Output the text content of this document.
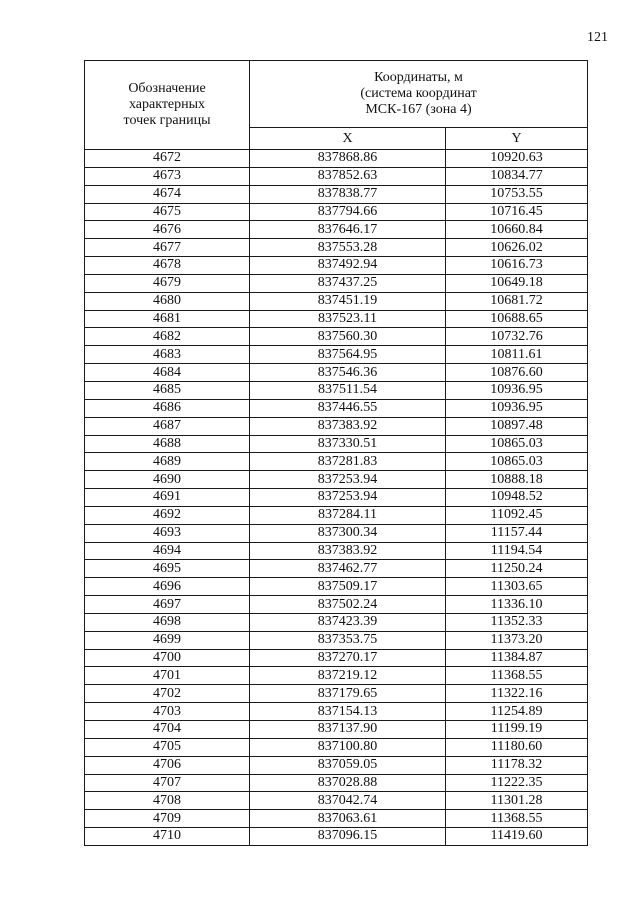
121
Обозначение
характерных
точек границы	Координаты, м
(система координат
МСК-167 (зона 4)	

	X	Y
4672	837868.86	10920.63
4673	837852.63	10834.77
4674	837838.77	10753.55
4675	837794.66	10716.45
4676	837646.17	10660.84
4677	837553.28	10626.02
4678	837492.94	10616.73
4679	837437.25	10649.18
4680	837451.19	10681.72
4681	837523.11	10688.65
4682	837560.30	10732.76
4683	837564.95	10811.61
4684	837546.36	10876.60
4685	837511.54	10936.95
4686	837446.55	10936.95
4687	837383.92	10897.48
4688	837330.51	10865.03
4689	837281.83	10865.03
4690	837253.94	10888.18
4691	837253.94	10948.52
4692	837284.11	11092.45
4693	837300.34	11157.44
4694	837383.92	11194.54
4695	837462.77	11250.24
4696	837509.17	11303.65
4697	837502.24	11336.10
4698	837423.39	11352.33
4699	837353.75	11373.20
4700	837270.17	11384.87
4701	837219.12	11368.55
4702	837179.65	11322.16
4703	837154.13	11254.89
4704	837137.90	11199.19
4705	837100.80	11180.60
4706	837059.05	11178.32
4707	837028.88	11222.35
4708	837042.74	11301.28
4709	837063.61	11368.55
4710	837096.15	11419.60
